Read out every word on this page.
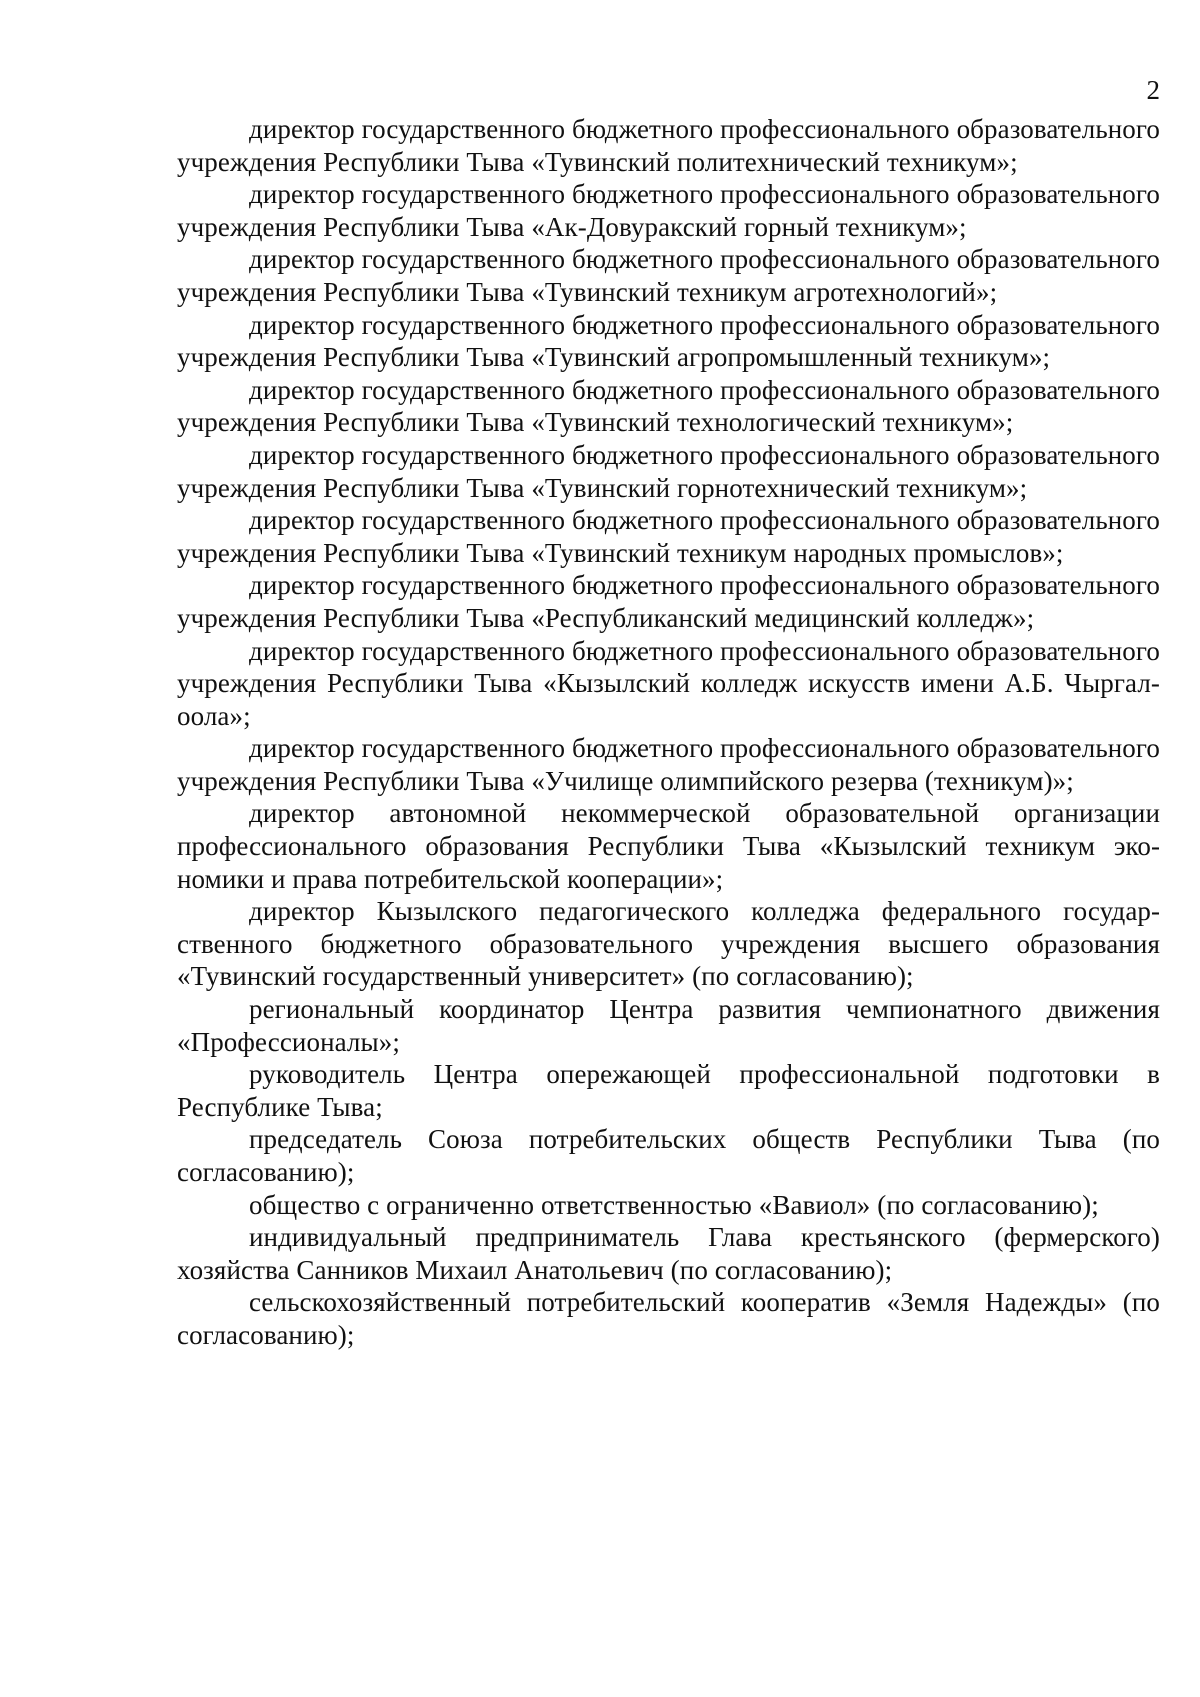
2

директор государственного бюджетного профессионального образовательного учреждения Республики Тыва «Тувинский политехнический техникум»;

директор государственного бюджетного профессионального образовательного учреждения Республики Тыва «Ак-Довуракский горный техникум»;

директор государственного бюджетного профессионального образовательного учреждения Республики Тыва «Тувинский техникум агротехнологий»;

директор государственного бюджетного профессионального образовательного учреждения Республики Тыва «Тувинский агропромышленный техникум»;

директор государственного бюджетного профессионального образовательного учреждения Республики Тыва «Тувинский технологический техникум»;

директор государственного бюджетного профессионального образовательного учреждения Республики Тыва «Тувинский горнотехнический техникум»;

директор государственного бюджетного профессионального образовательного учреждения Республики Тыва «Тувинский техникум народных промыслов»;

директор государственного бюджетного профессионального образовательного учреждения Республики Тыва «Республиканский медицинский колледж»;

директор государственного бюджетного профессионального образовательного учреждения Республики Тыва «Кызылский колледж искусств имени А.Б. Чыргал-оола»;

директор государственного бюджетного профессионального образовательного учреждения Республики Тыва «Училище олимпийского резерва (техникум)»;

директор автономной некоммерческой образовательной организации профессионального образования Республики Тыва «Кызылский техникум экономики и права потребительской кооперации»;

директор Кызылского педагогического колледжа федерального государственного бюджетного образовательного учреждения высшего образования «Тувинский государственный университет» (по согласованию);

региональный координатор Центра развития чемпионатного движения «Профессионалы»;

руководитель Центра опережающей профессиональной подготовки в Республике Тыва;

председатель Союза потребительских обществ Республики Тыва (по согласованию);

общество с ограниченно ответственностью «Вавиол» (по согласованию);

индивидуальный предприниматель Глава крестьянского (фермерского) хозяйства Санников Михаил Анатольевич (по согласованию);

сельскохозяйственный потребительский кооператив «Земля Надежды» (по согласованию);
